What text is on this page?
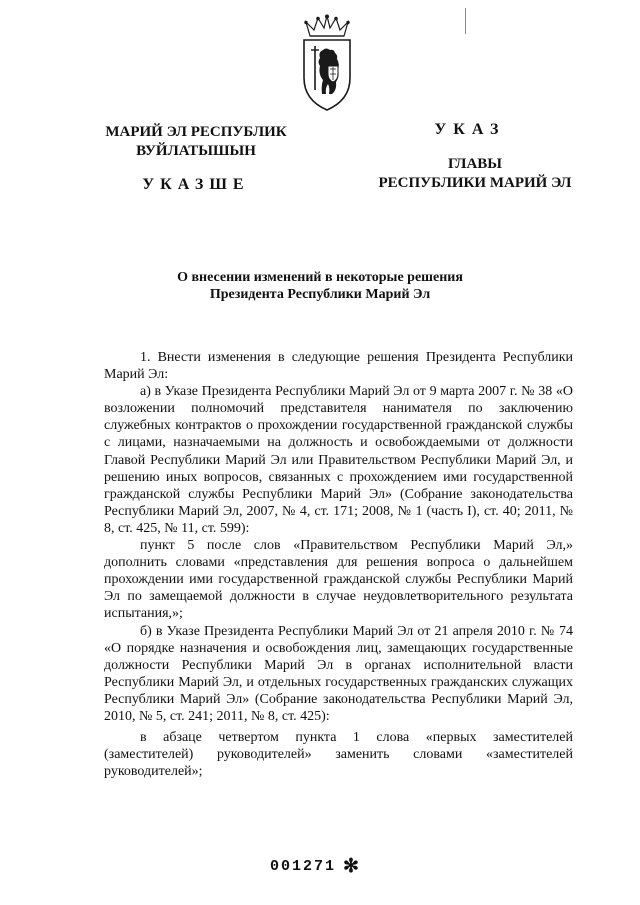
МАРИЙ ЭЛ РЕСПУБЛИК
ВУЙЛАТЫШЫН
УКАЗШЕ
УКАЗ
ГЛАВЫ
РЕСПУБЛИКИ МАРИЙ ЭЛ
О внесении изменений в некоторые решения
Президента Республики Марий Эл

1. Внести изменения в следующие решения Президента Республики Марий Эл:

а) в Указе Президента Республики Марий Эл от 9 марта 2007 г. № 38 «О возложении полномочий представителя нанимателя по заключению служебных контрактов о прохождении государственной гражданской службы с лицами, назначаемыми на должность и освобождаемыми от должности Главой Республики Марий Эл или Правительством Республики Марий Эл, и решению иных вопросов, связанных с прохождением ими государственной гражданской службы Республики Марий Эл» (Собрание законодательства Республики Марий Эл, 2007, № 4, ст. 171; 2008, № 1 (часть I), ст. 40; 2011, № 8, ст. 425, № 11, ст. 599):

пункт 5 после слов «Правительством Республики Марий Эл,» дополнить словами «представления для решения вопроса о дальнейшем прохождении ими государственной гражданской службы Республики Марий Эл по замещаемой должности в случае неудовлетворительного результата испытания,»;

б) в Указе Президента Республики Марий Эл от 21 апреля 2010 г. № 74 «О порядке назначения и освобождения лиц, замещающих государственные должности Республики Марий Эл в органах исполнительной власти Республики Марий Эл, и отдельных государственных гражданских служащих Республики Марий Эл» (Собрание законодательства Республики Марий Эл, 2010, № 5, ст. 241; 2011, № 8, ст. 425):

в абзаце четвертом пункта 1 слова «первых заместителей (заместителей) руководителей» заменить словами «заместителей руководителей»;

001271 ✻
